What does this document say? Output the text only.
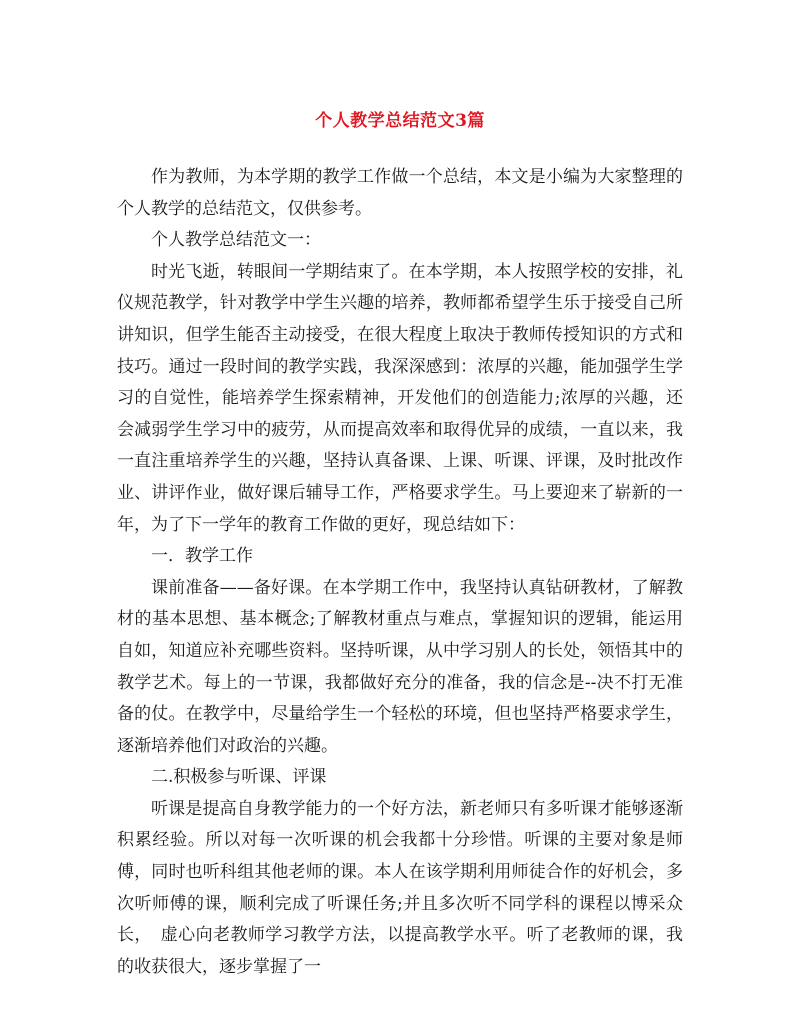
个人教学总结范文3篇

作为教师，为本学期的教学工作做一个总结，本文是小编为大家整理的个人教学的总结范文，仅供参考。

个人教学总结范文一：

时光飞逝，转眼间一学期结束了。在本学期，本人按照学校的安排，礼仪规范教学，针对教学中学生兴趣的培养，教师都希望学生乐于接受自己所讲知识，但学生能否主动接受，在很大程度上取决于教师传授知识的方式和技巧。通过一段时间的教学实践，我深深感到：浓厚的兴趣，能加强学生学习的自觉性，能培养学生探索精神，开发他们的创造能力;浓厚的兴趣，还会减弱学生学习中的疲劳，从而提高效率和取得优异的成绩，一直以来，我一直注重培养学生的兴趣，坚持认真备课、上课、听课、评课，及时批改作业、讲评作业，做好课后辅导工作，严格要求学生。马上要迎来了崭新的一年，为了下一学年的教育工作做的更好，现总结如下：

一．教学工作

课前准备——备好课。在本学期工作中，我坚持认真钻研教材，了解教材的基本思想、基本概念;了解教材重点与难点，掌握知识的逻辑，能运用自如，知道应补充哪些资料。坚持听课，从中学习别人的长处，领悟其中的教学艺术。每上的一节课，我都做好充分的准备，我的信念是--决不打无准备的仗。在教学中，尽量给学生一个轻松的环境，但也坚持严格要求学生，逐渐培养他们对政治的兴趣。

二.积极参与听课、评课

听课是提高自身教学能力的一个好方法，新老师只有多听课才能够逐渐积累经验。所以对每一次听课的机会我都十分珍惜。听课的主要对象是师傅，同时也听科组其他老师的课。本人在该学期利用师徒合作的好机会，多次听师傅的课，顺利完成了听课任务;并且多次听不同学科的课程以博采众长，　虚心向老教师学习教学方法，以提高教学水平。听了老教师的课，我的收获很大，逐步掌握了一
